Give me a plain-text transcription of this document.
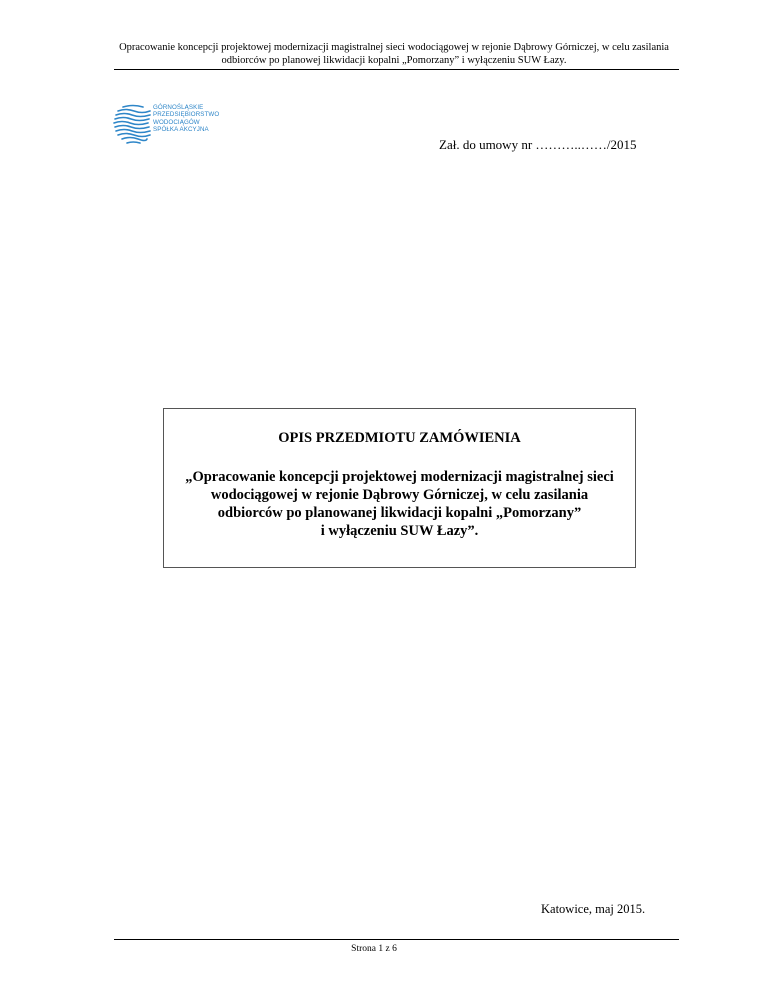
Opracowanie koncepcji projektowej modernizacji magistralnej sieci wodociągowej w rejonie Dąbrowy Górniczej, w celu zasilania
odbiorców po planowej likwidacji kopalni „Pomorzany” i wyłączeniu SUW Łazy.
GÓRNOŚLĄSKIE
PRZEDSIĘBIORSTWO
WODOCIĄGÓW
SPÓŁKA AKCYJNA
Zał. do umowy nr ………..……/2015
OPIS PRZEDMIOTU ZAMÓWIENIA
„Opracowanie koncepcji projektowej modernizacji magistralnej sieci
wodociągowej w rejonie Dąbrowy Górniczej, w celu zasilania
odbiorców po planowanej likwidacji kopalni „Pomorzany”
i wyłączeniu SUW Łazy”.
Katowice, maj 2015.
Strona 1 z 6
